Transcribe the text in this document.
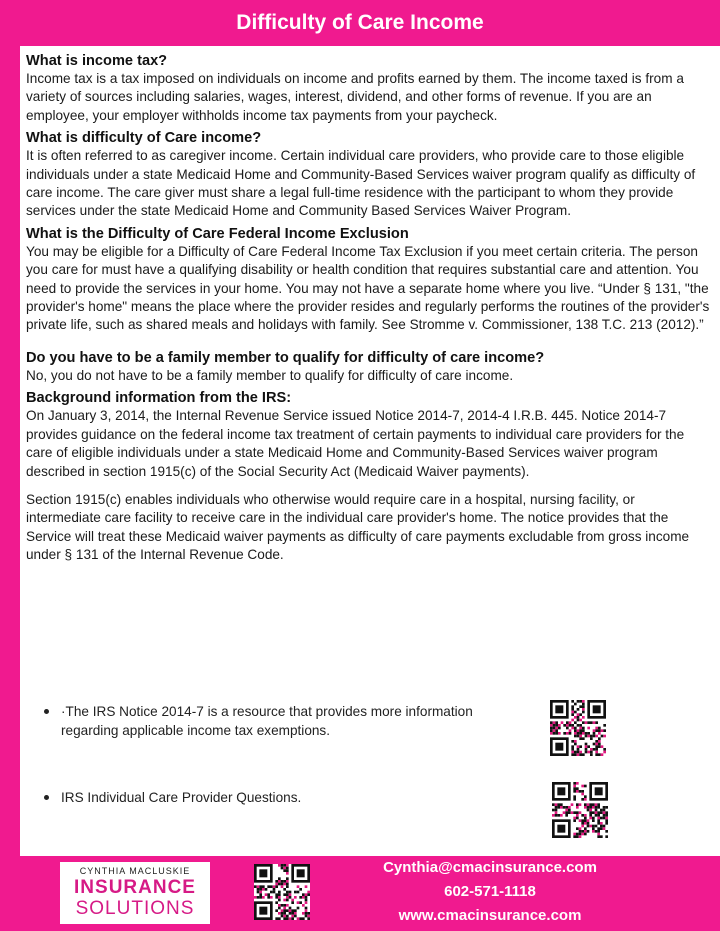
Difficulty of Care Income
What is income tax?

Income tax is a tax imposed on individuals on income and profits earned by them. The income taxed is from a variety of sources including salaries, wages, interest, dividend, and other forms of revenue. If you are an employee, your employer withholds income tax payments from your paycheck.

What is difficulty of Care income?

It is often referred to as caregiver income. Certain individual care providers, who provide care to those eligible individuals under a state Medicaid Home and Community-Based Services waiver program qualify as difficulty of care income. The care giver must share a legal full-time residence with the participant to whom they provide services under the state Medicaid Home and Community Based Services Waiver Program.

What is the Difficulty of Care Federal Income Exclusion

You may be eligible for a Difficulty of Care Federal Income Tax Exclusion if you meet certain criteria. The person you care for must have a qualifying disability or health condition that requires substantial care and attention. You need to provide the services in your home. You may not have a separate home where you live. “Under § 131, "the provider's home" means the place where the provider resides and regularly performs the routines of the provider's private life, such as shared meals and holidays with family. See Stromme v. Commissioner, 138 T.C. 213 (2012).”

Do you have to be a family member to qualify for difficulty of care income?

No, you do not have to be a family member to qualify for difficulty of care income.

Background information from the IRS:

On January 3, 2014, the Internal Revenue Service issued Notice 2014-7, 2014-4 I.R.B. 445. Notice 2014-7 provides guidance on the federal income tax treatment of certain payments to individual care providers for the care of eligible individuals under a state Medicaid Home and Community-Based Services waiver program described in section 1915(c) of the Social Security Act (Medicaid Waiver payments).

Section 1915(c) enables individuals who otherwise would require care in a hospital, nursing facility, or intermediate care facility to receive care in the individual care provider's home. The notice provides that the Service will treat these Medicaid waiver payments as difficulty of care payments excludable from gross income under § 131 of the Internal Revenue Code.

·The IRS Notice 2014-7 is a resource that provides more information regarding applicable income tax exemptions.
IRS Individual Care Provider Questions.
CYNTHIA MACLUSKIE
INSURANCE
SOLUTIONS
Cynthia@cmacinsurance.com
602-571-1118
www.cmacinsurance.com
